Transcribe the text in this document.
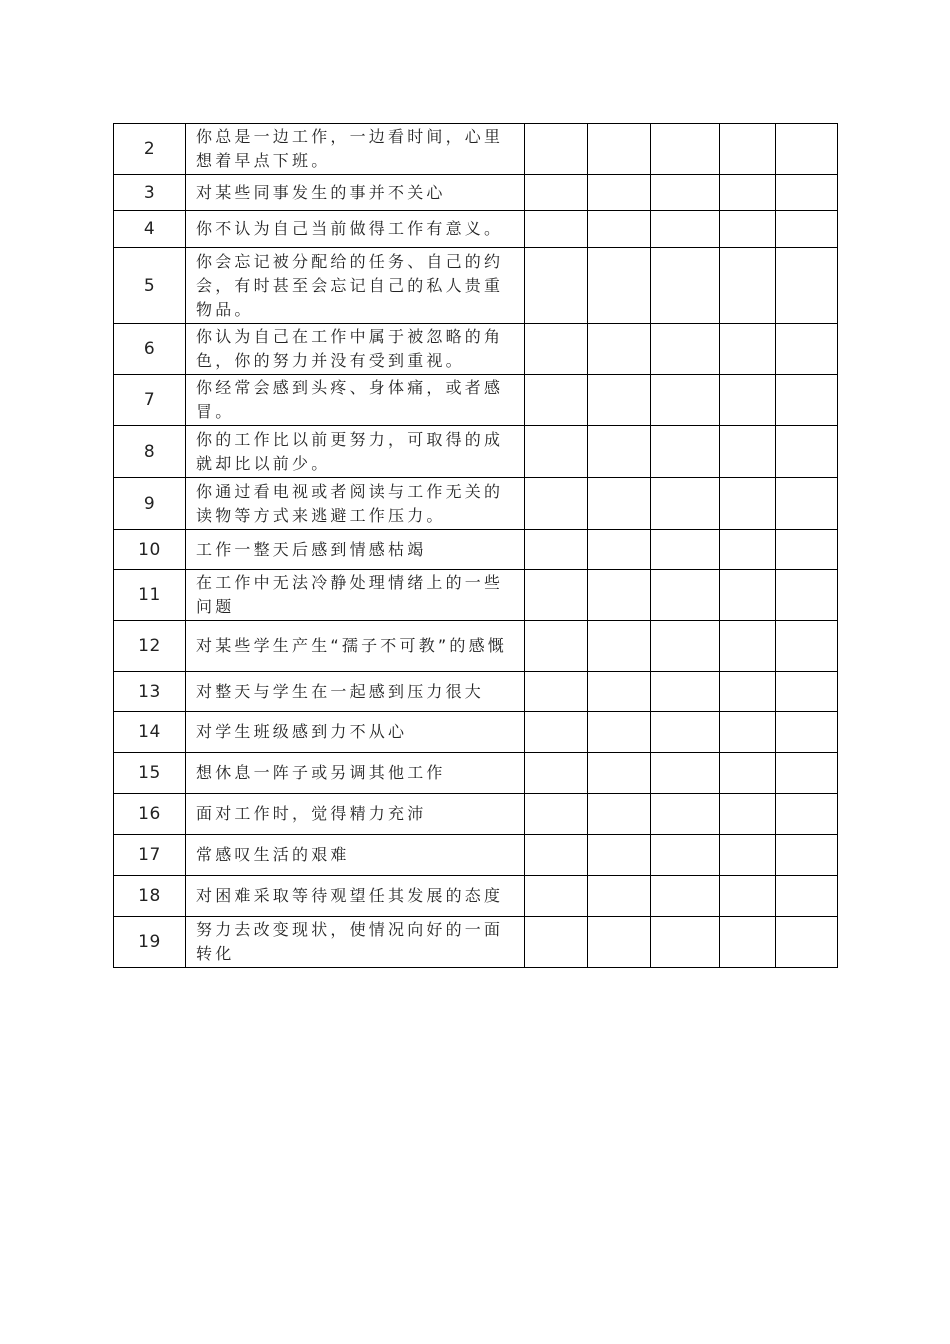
2	你总是一边工作，一边看时间，心里想着早点下班。					
3	对某些同事发生的事并不关心					
4	你不认为自己当前做得工作有意义。					
5	你会忘记被分配给的任务、自己的约会，有时甚至会忘记自己的私人贵重物品。					
6	你认为自己在工作中属于被忽略的角色，你的努力并没有受到重视。					
7	你经常会感到头疼、身体痛，或者感冒。					
8	你的工作比以前更努力，可取得的成就却比以前少。					
9	你通过看电视或者阅读与工作无关的读物等方式来逃避工作压力。					
10	工作一整天后感到情感枯竭					
11	在工作中无法冷静处理情绪上的一些问题					
12	对某些学生产生“孺子不可教”的感慨					
13	对整天与学生在一起感到压力很大					
14	对学生班级感到力不从心					
15	想休息一阵子或另调其他工作					
16	面对工作时，觉得精力充沛					
17	常感叹生活的艰难					
18	对困难采取等待观望任其发展的态度					
19	努力去改变现状，使情况向好的一面转化					
